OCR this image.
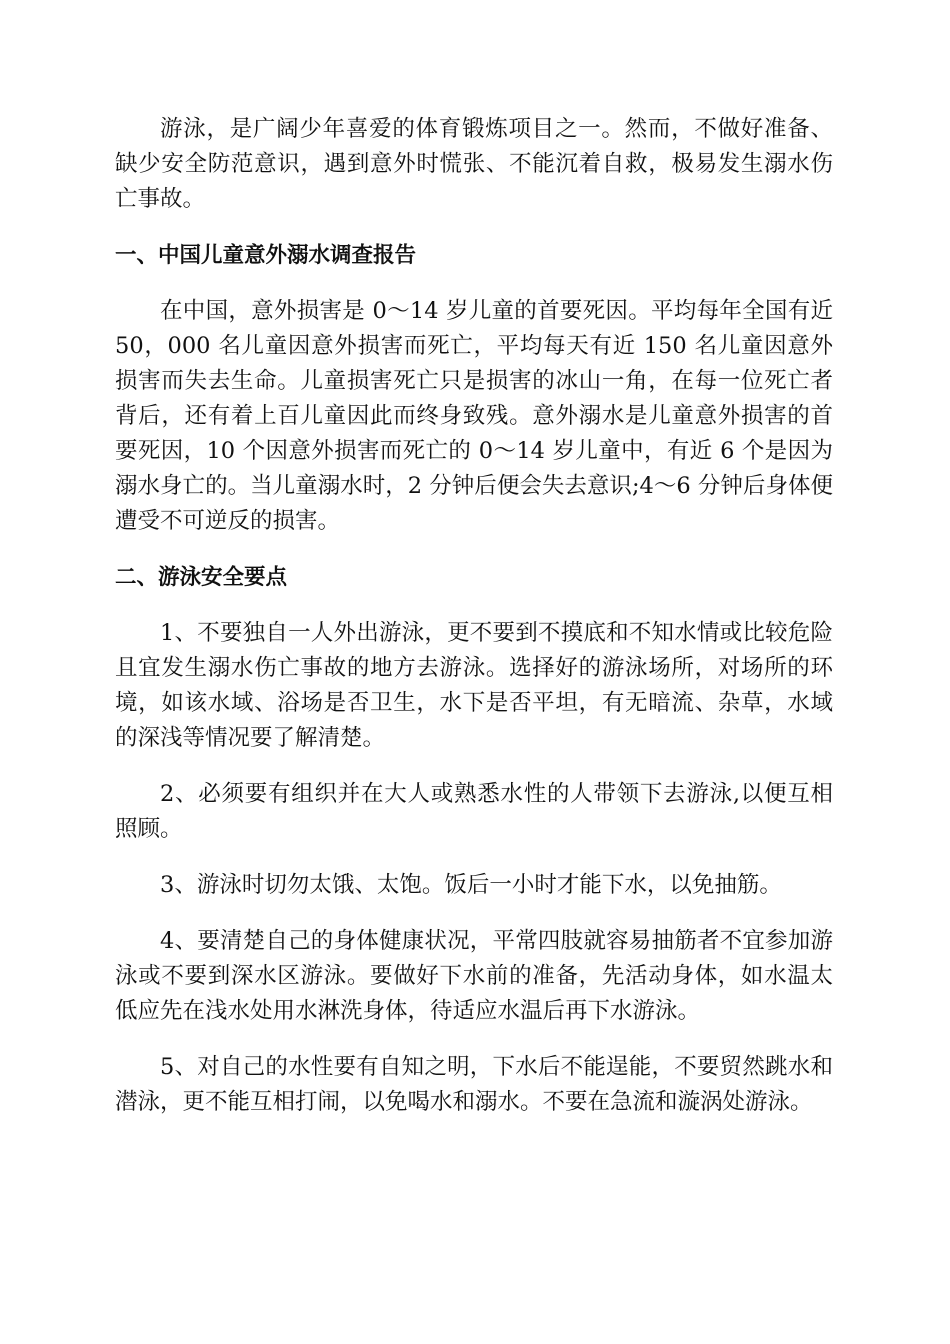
游泳，是广阔少年喜爱的体育锻炼项目之一。然而，不做好准备、缺少安全防范意识，遇到意外时慌张、不能沉着自救，极易发生溺水伤亡事故。

一、中国儿童意外溺水调查报告

在中国，意外损害是 0～14 岁儿童的首要死因。平均每年全国有近 50，000 名儿童因意外损害而死亡，平均每天有近 150 名儿童因意外损害而失去生命。儿童损害死亡只是损害的冰山一角，在每一位死亡者背后，还有着上百儿童因此而终身致残。意外溺水是儿童意外损害的首要死因，10 个因意外损害而死亡的 0～14 岁儿童中，有近 6 个是因为溺水身亡的。当儿童溺水时，2 分钟后便会失去意识;4～6 分钟后身体便遭受不可逆反的损害。

二、游泳安全要点

1、不要独自一人外出游泳，更不要到不摸底和不知水情或比较危险且宜发生溺水伤亡事故的地方去游泳。选择好的游泳场所，对场所的环境，如该水域、浴场是否卫生，水下是否平坦，有无暗流、杂草，水域的深浅等情况要了解清楚。

2、必须要有组织并在大人或熟悉水性的人带领下去游泳,以便互相照顾。

3、游泳时切勿太饿、太饱。饭后一小时才能下水，以免抽筋。

4、要清楚自己的身体健康状况，平常四肢就容易抽筋者不宜参加游泳或不要到深水区游泳。要做好下水前的准备，先活动身体，如水温太低应先在浅水处用水淋洗身体，待适应水温后再下水游泳。

5、对自己的水性要有自知之明，下水后不能逞能，不要贸然跳水和潜泳，更不能互相打闹，以免喝水和溺水。不要在急流和漩涡处游泳。
